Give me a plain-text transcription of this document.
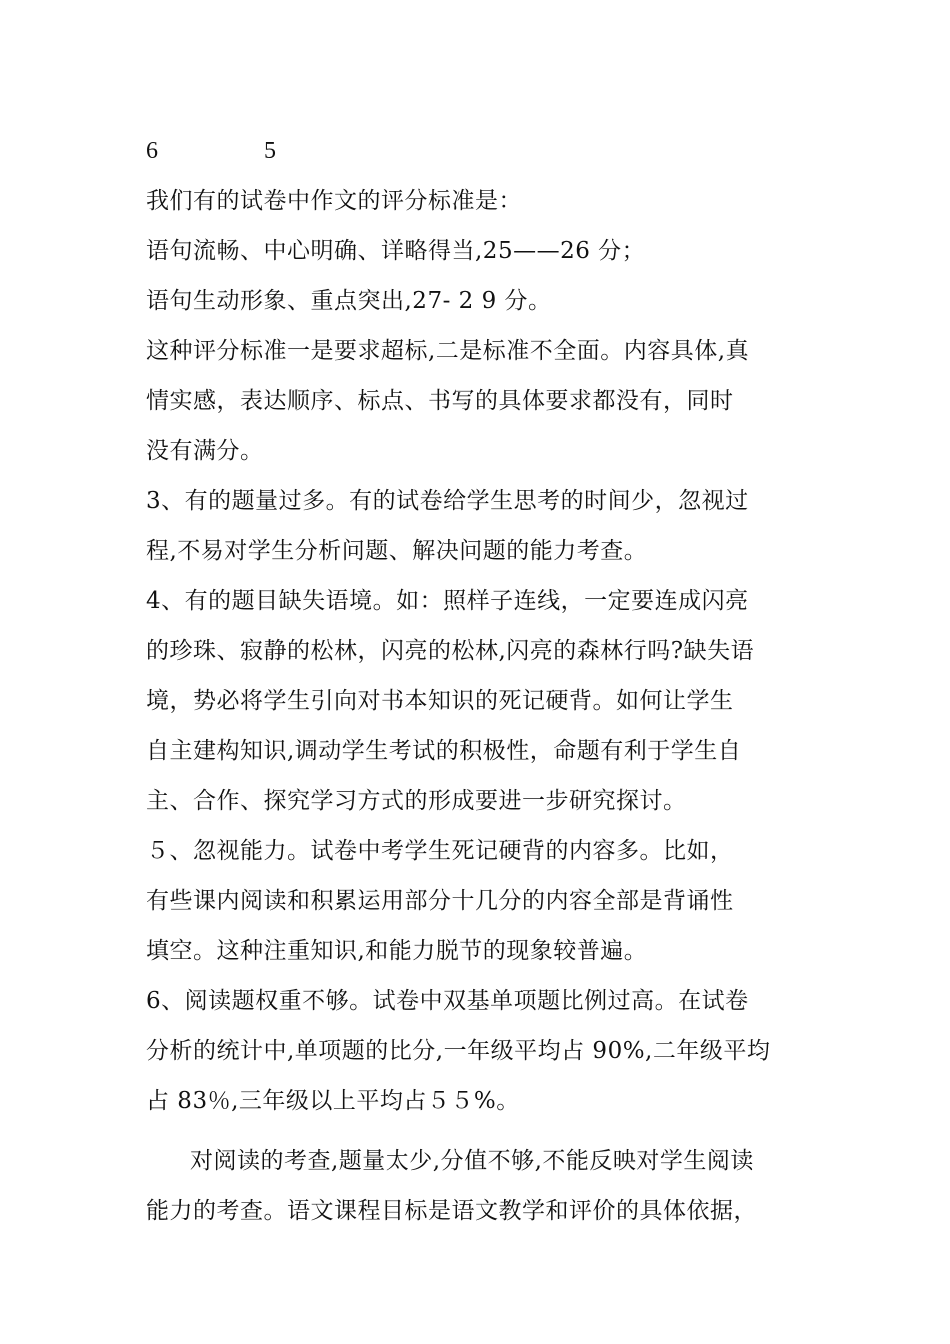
6	5

我们有的试卷中作文的评分标准是：

语句流畅、中心明确、详略得当,25——26 分；

语句生动形象、重点突出,27- 2 9 分。

这种评分标准一是要求超标,二是标准不全面。内容具体,真
情实感，表达顺序、标点、书写的具体要求都没有，同时
没有满分。

3、有的题量过多。有的试卷给学生思考的时间少，忽视过
程,不易对学生分析问题、解决问题的能力考查。

4、有的题目缺失语境。如：照样子连线，一定要连成闪亮
的珍珠、寂静的松林，闪亮的松林,闪亮的森林行吗?缺失语
境，势必将学生引向对书本知识的死记硬背。如何让学生
自主建构知识,调动学生考试的积极性，命题有利于学生自
主、合作、探究学习方式的形成要进一步研究探讨。

５、忽视能力。试卷中考学生死记硬背的内容多。比如，
有些课内阅读和积累运用部分十几分的内容全部是背诵性
填空。这种注重知识,和能力脱节的现象较普遍。

6、阅读题权重不够。试卷中双基单项题比例过高。在试卷
分析的统计中,单项题的比分,一年级平均占 90%,二年级平均
占 83％,三年级以上平均占５５%。

对阅读的考查,题量太少,分值不够,不能反映对学生阅读
能力的考查。语文课程目标是语文教学和评价的具体依据，
